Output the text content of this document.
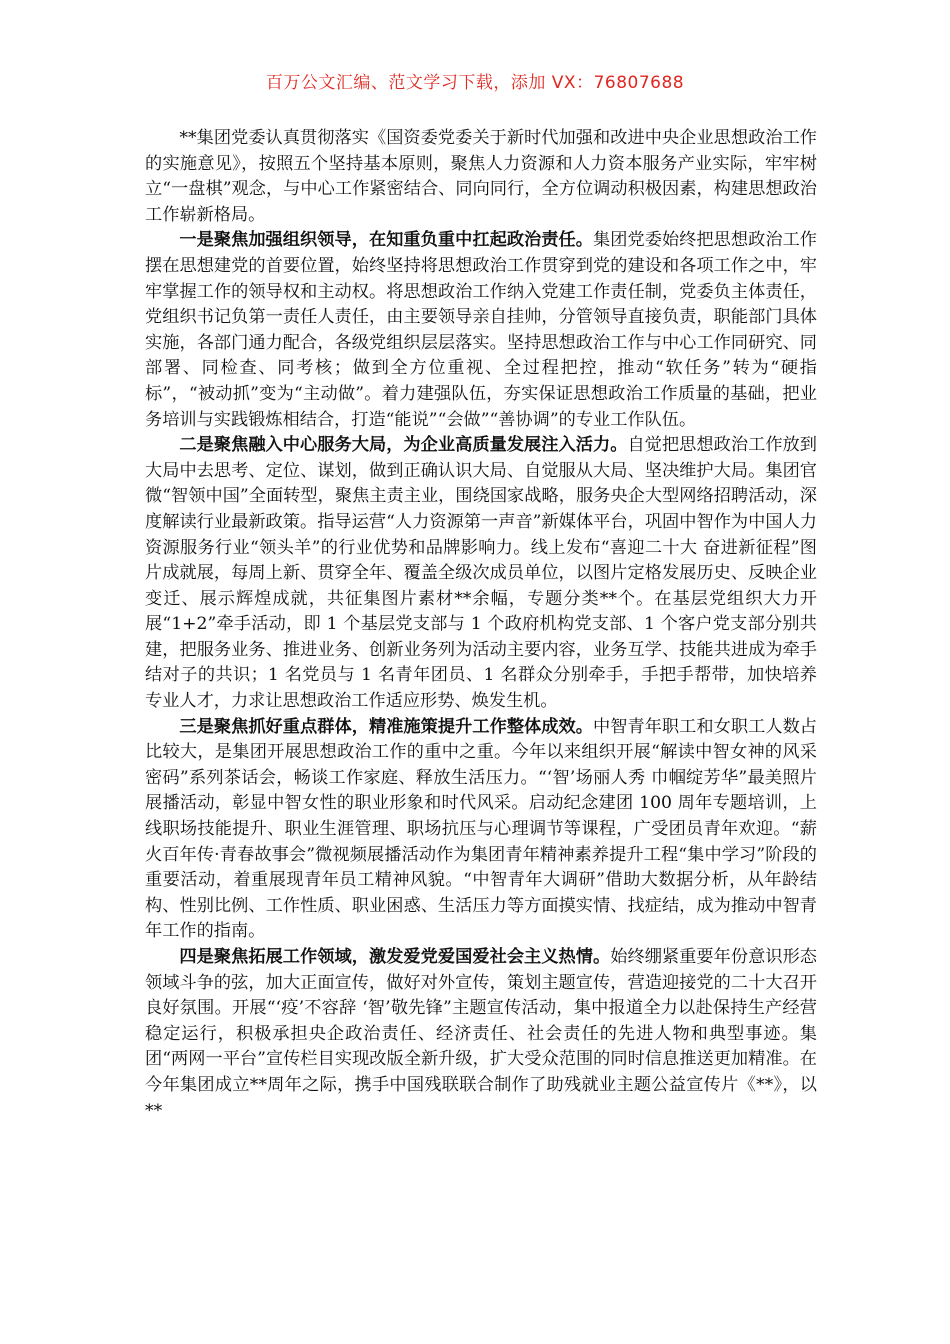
百万公文汇编、范文学习下载，添加 VX：76807688

**集团党委认真贯彻落实《国资委党委关于新时代加强和改进中央企业思想政治工作的实施意见》，按照五个坚持基本原则，聚焦人力资源和人力资本服务产业实际，牢牢树立“一盘棋”观念，与中心工作紧密结合、同向同行，全方位调动积极因素，构建思想政治工作崭新格局。

一是聚焦加强组织领导，在知重负重中扛起政治责任。集团党委始终把思想政治工作摆在思想建党的首要位置，始终坚持将思想政治工作贯穿到党的建设和各项工作之中，牢牢掌握工作的领导权和主动权。将思想政治工作纳入党建工作责任制，党委负主体责任，党组织书记负第一责任人责任，由主要领导亲自挂帅，分管领导直接负责，职能部门具体实施，各部门通力配合，各级党组织层层落实。坚持思想政治工作与中心工作同研究、同部署、同检查、同考核；做到全方位重视、全过程把控，推动“软任务”转为“硬指标”，“被动抓”变为“主动做”。着力建强队伍，夯实保证思想政治工作质量的基础，把业务培训与实践锻炼相结合，打造“能说”“会做”“善协调”的专业工作队伍。

二是聚焦融入中心服务大局，为企业高质量发展注入活力。自觉把思想政治工作放到大局中去思考、定位、谋划，做到正确认识大局、自觉服从大局、坚决维护大局。集团官微“智领中国”全面转型，聚焦主责主业，围绕国家战略，服务央企大型网络招聘活动，深度解读行业最新政策。指导运营“人力资源第一声音”新媒体平台，巩固中智作为中国人力资源服务行业“领头羊”的行业优势和品牌影响力。线上发布“喜迎二十大 奋进新征程”图片成就展，每周上新、贯穿全年、覆盖全级次成员单位，以图片定格发展历史、反映企业变迁、展示辉煌成就，共征集图片素材**余幅，专题分类**个。在基层党组织大力开展“1+2”牵手活动，即 1 个基层党支部与 1 个政府机构党支部、1 个客户党支部分别共建，把服务业务、推进业务、创新业务列为活动主要内容，业务互学、技能共进成为牵手结对子的共识；1 名党员与 1 名青年团员、1 名群众分别牵手，手把手帮带，加快培养专业人才，力求让思想政治工作适应形势、焕发生机。

三是聚焦抓好重点群体，精准施策提升工作整体成效。中智青年职工和女职工人数占比较大，是集团开展思想政治工作的重中之重。今年以来组织开展“解读中智女神的风采密码”系列茶话会，畅谈工作家庭、释放生活压力。“‘智’场丽人秀 巾帼绽芳华”最美照片展播活动，彰显中智女性的职业形象和时代风采。启动纪念建团 100 周年专题培训，上线职场技能提升、职业生涯管理、职场抗压与心理调节等课程，广受团员青年欢迎。“薪火百年传·青春故事会”微视频展播活动作为集团青年精神素养提升工程“集中学习”阶段的重要活动，着重展现青年员工精神风貌。“中智青年大调研”借助大数据分析，从年龄结构、性别比例、工作性质、职业困惑、生活压力等方面摸实情、找症结，成为推动中智青年工作的指南。

四是聚焦拓展工作领域，激发爱党爱国爱社会主义热情。始终绷紧重要年份意识形态领域斗争的弦，加大正面宣传，做好对外宣传，策划主题宣传，营造迎接党的二十大召开良好氛围。开展“‘疫’不容辞 ‘智’敬先锋”主题宣传活动，集中报道全力以赴保持生产经营稳定运行，积极承担央企政治责任、经济责任、社会责任的先进人物和典型事迹。集团“两网一平台”宣传栏目实现改版全新升级，扩大受众范围的同时信息推送更加精准。在今年集团成立**周年之际，携手中国残联联合制作了助残就业主题公益宣传片《**》，以**
